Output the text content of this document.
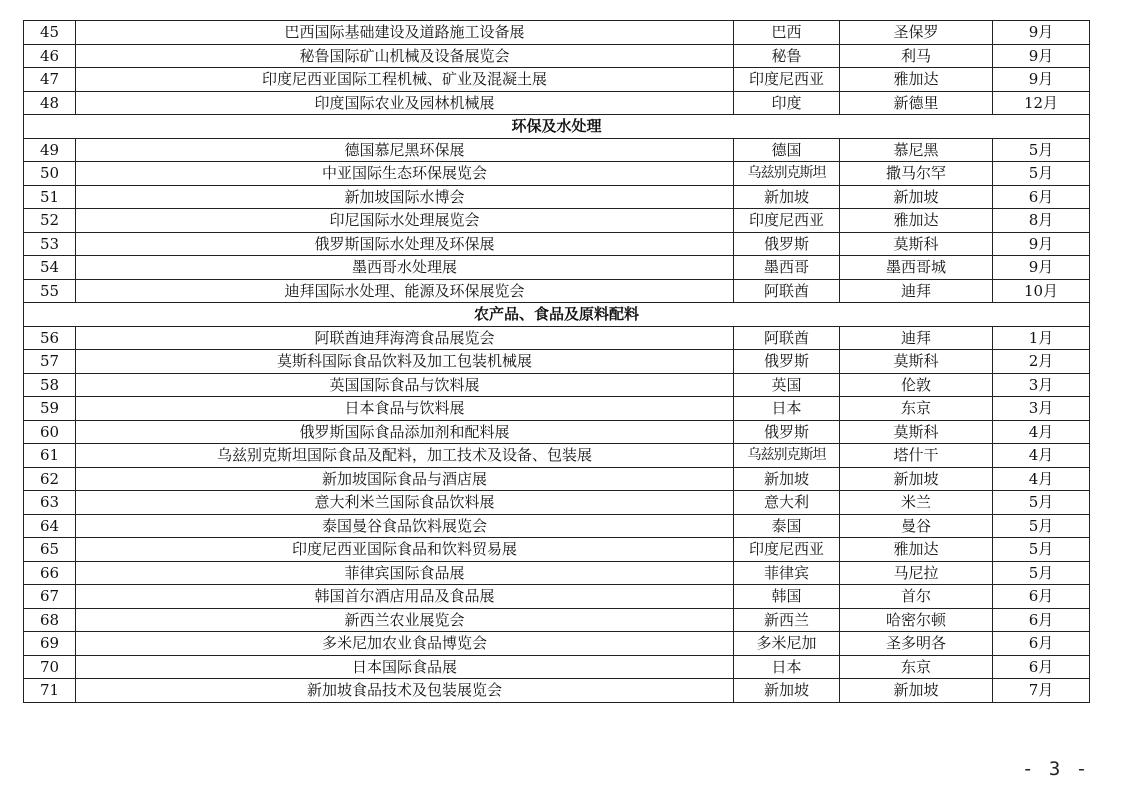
45	巴西国际基础建设及道路施工设备展	巴西	圣保罗	9月
46	秘鲁国际矿山机械及设备展览会	秘鲁	利马	9月
47	印度尼西亚国际工程机械、矿业及混凝土展	印度尼西亚	雅加达	9月
48	印度国际农业及园林机械展	印度	新德里	12月
环保及水处理				
49	德国慕尼黑环保展	德国	慕尼黑	5月
50	中亚国际生态环保展览会	乌兹别克斯坦	撒马尔罕	5月
51	新加坡国际水博会	新加坡	新加坡	6月
52	印尼国际水处理展览会	印度尼西亚	雅加达	8月
53	俄罗斯国际水处理及环保展	俄罗斯	莫斯科	9月
54	墨西哥水处理展	墨西哥	墨西哥城	9月
55	迪拜国际水处理、能源及环保展览会	阿联酋	迪拜	10月
农产品、食品及原料配料				
56	阿联酋迪拜海湾食品展览会	阿联酋	迪拜	1月
57	莫斯科国际食品饮料及加工包装机械展	俄罗斯	莫斯科	2月
58	英国国际食品与饮料展	英国	伦敦	3月
59	日本食品与饮料展	日本	东京	3月
60	俄罗斯国际食品添加剂和配料展	俄罗斯	莫斯科	4月
61	乌兹别克斯坦国际食品及配料，加工技术及设备、包装展	乌兹别克斯坦	塔什干	4月
62	新加坡国际食品与酒店展	新加坡	新加坡	4月
63	意大利米兰国际食品饮料展	意大利	米兰	5月
64	泰国曼谷食品饮料展览会	泰国	曼谷	5月
65	印度尼西亚国际食品和饮料贸易展	印度尼西亚	雅加达	5月
66	菲律宾国际食品展	菲律宾	马尼拉	5月
67	韩国首尔酒店用品及食品展	韩国	首尔	6月
68	新西兰农业展览会	新西兰	哈密尔顿	6月
69	多米尼加农业食品博览会	多米尼加	圣多明各	6月
70	日本国际食品展	日本	东京	6月
71	新加坡食品技术及包装展览会	新加坡	新加坡	7月
- 3 -
